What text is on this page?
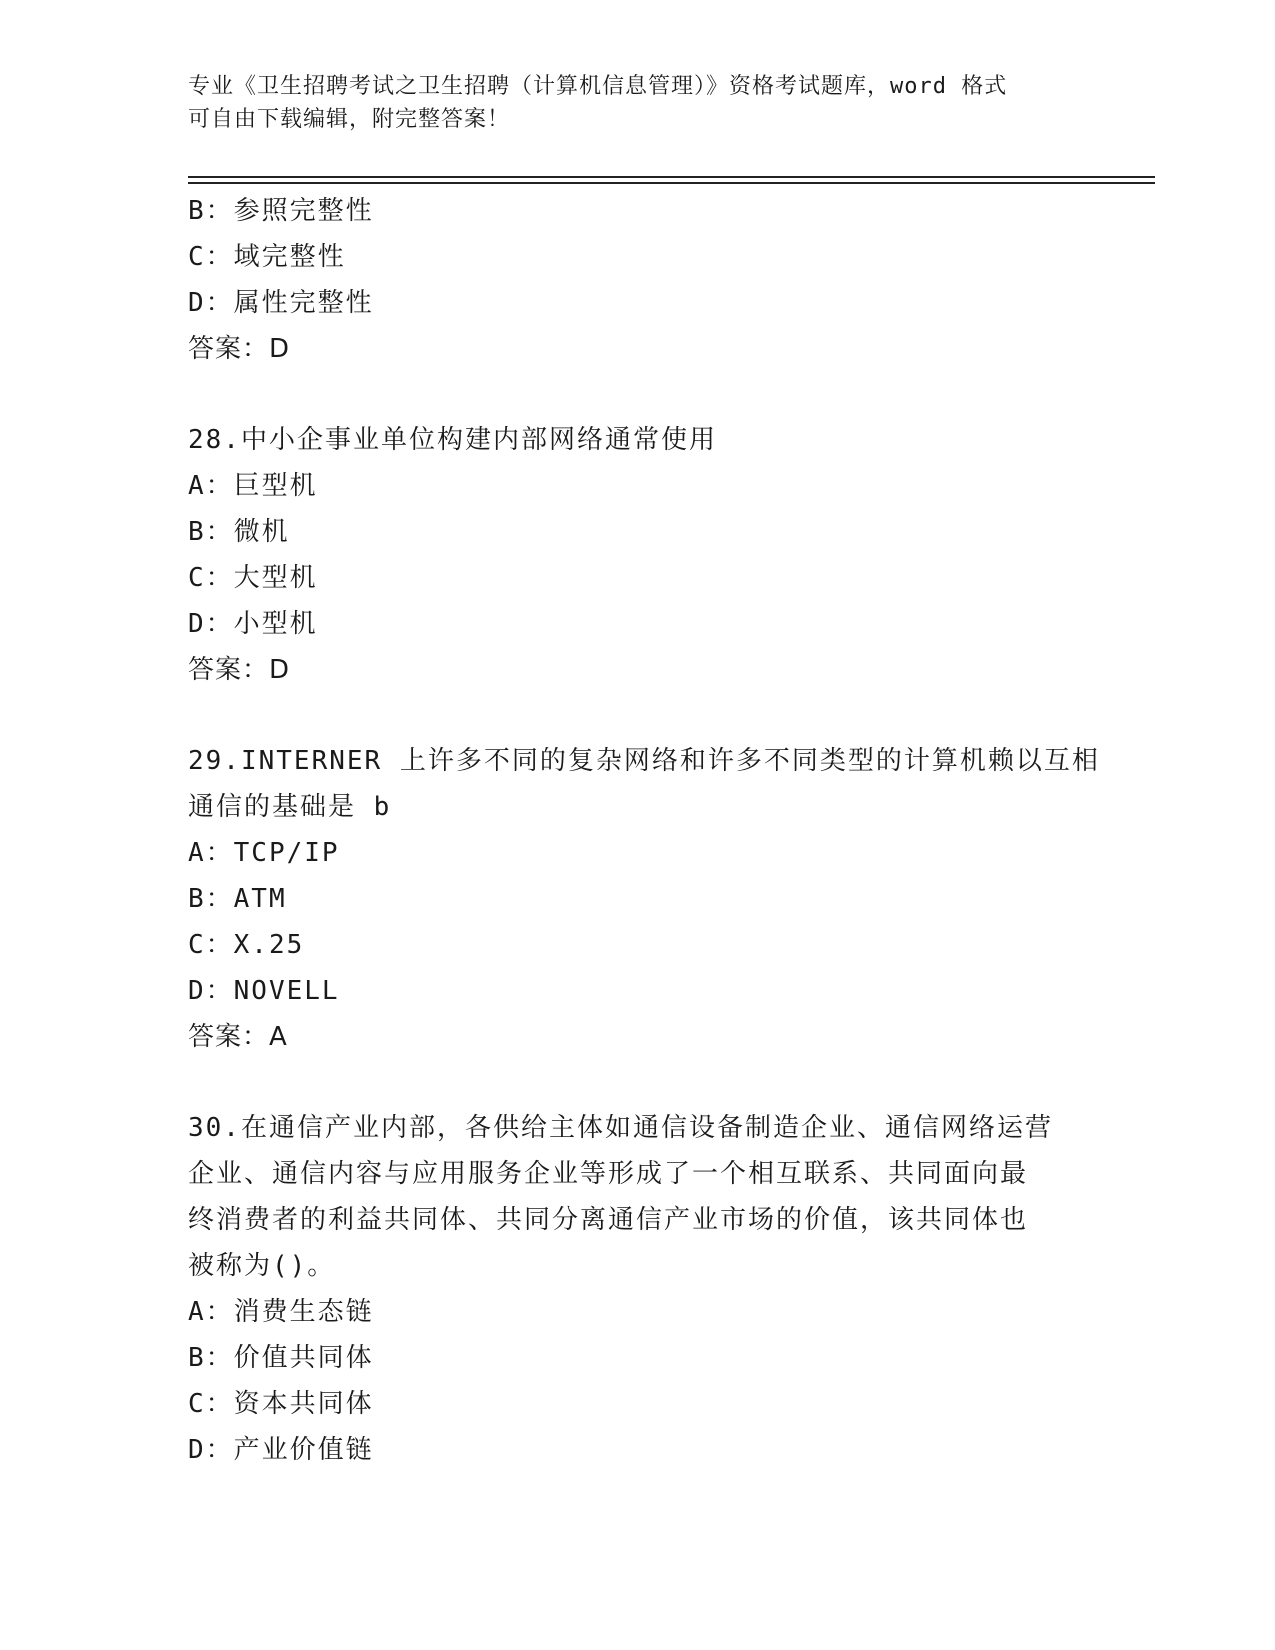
专业《卫生招聘考试之卫生招聘（计算机信息管理）》资格考试题库，word 格式
可自由下载编辑，附完整答案！
B：参照完整性
C：域完整性
D：属性完整性
答案：D
28.中小企事业单位构建内部网络通常使用
A：巨型机
B：微机
C：大型机
D：小型机
答案：D
29.INTERNER 上许多不同的复杂网络和许多不同类型的计算机赖以互相
通信的基础是 b
A：TCP/IP
B：ATM
C：X.25
D：NOVELL
答案：A
30.在通信产业内部，各供给主体如通信设备制造企业、通信网络运营
企业、通信内容与应用服务企业等形成了一个相互联系、共同面向最
终消费者的利益共同体、共同分离通信产业市场的价值，该共同体也
被称为()。
A：消费生态链
B：价值共同体
C：资本共同体
D：产业价值链
